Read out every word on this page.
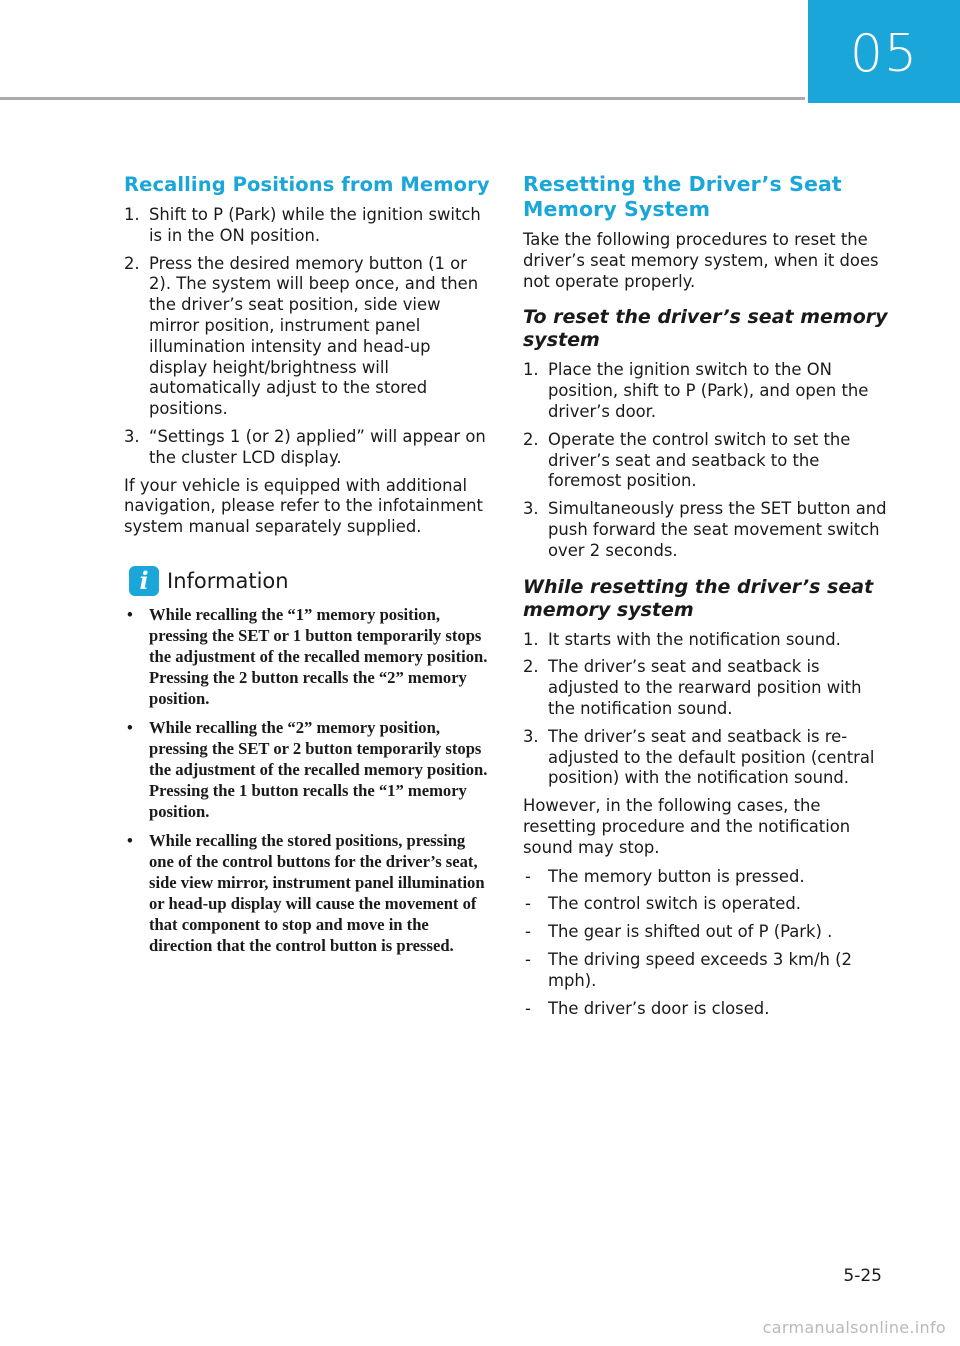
05
Recalling Positions from Memory
1. Shift to P (Park) while the ignition switch is in the ON position.
2. Press the desired memory button (1 or 2). The system will beep once, and then the driver’s seat position, side view mirror position, instrument panel illumination intensity and head-up display height/brightness will automatically adjust to the stored positions.
3. “Settings 1 (or 2) applied” will appear on the cluster LCD display.

If your vehicle is equipped with additional navigation, please refer to the infotainment system manual separately supplied.

i Information
• While recalling the “1” memory position, pressing the SET or 1 button temporarily stops the adjustment of the recalled memory position. Pressing the 2 button recalls the “2” memory position.
• While recalling the “2” memory position, pressing the SET or 2 button temporarily stops the adjustment of the recalled memory position. Pressing the 1 button recalls the “1” memory position.
• While recalling the stored positions, pressing one of the control buttons for the driver’s seat, side view mirror, instrument panel illumination or head-up display will cause the movement of that component to stop and move in the direction that the control button is pressed.
Resetting the Driver’s Seat Memory System

Take the following procedures to reset the driver’s seat memory system, when it does not operate properly.

To reset the driver’s seat memory system
1. Place the ignition switch to the ON position, shift to P (Park), and open the driver’s door.
2. Operate the control switch to set the driver’s seat and seatback to the foremost position.
3. Simultaneously press the SET button and push forward the seat movement switch over 2 seconds.
While resetting the driver’s seat memory system
1. It starts with the notification sound.
2. The driver’s seat and seatback is adjusted to the rearward position with the notification sound.
3. The driver’s seat and seatback is re-adjusted to the default position (central position) with the notification sound.

However, in the following cases, the resetting procedure and the notification sound may stop.

- The memory button is pressed.
- The control switch is operated.
- The gear is shifted out of P (Park) .
- The driving speed exceeds 3 km/h (2 mph).
- The driver’s door is closed.
5-25
carmanualsonline.info
